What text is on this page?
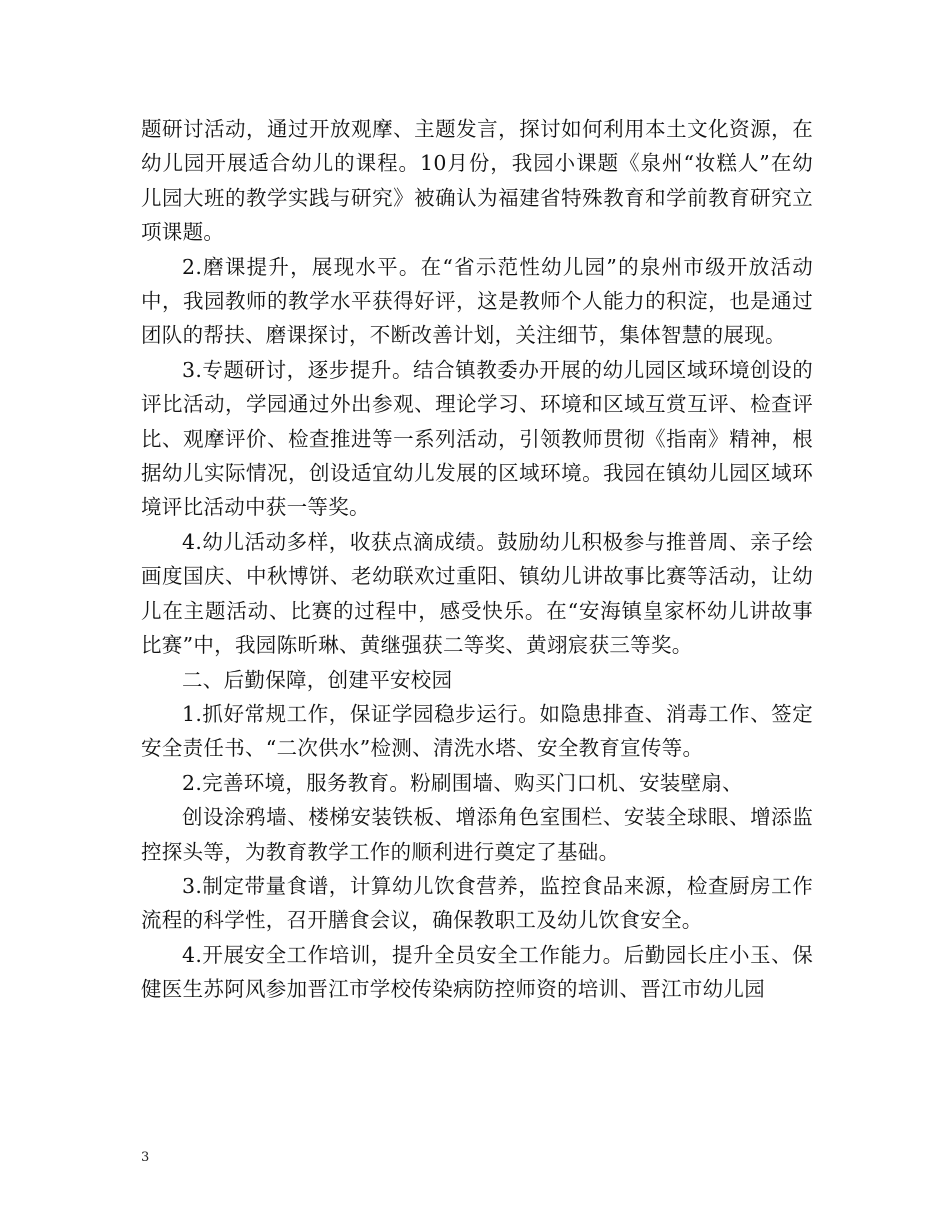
题研讨活动，通过开放观摩、主题发言，探讨如何利用本土文化资源，在幼儿园开展适合幼儿的课程。10月份，我园小课题《泉州“妆糕人”在幼儿园大班的教学实践与研究》被确认为福建省特殊教育和学前教育研究立项课题。

2.磨课提升，展现水平。在“省示范性幼儿园”的泉州市级开放活动中，我园教师的教学水平获得好评，这是教师个人能力的积淀，也是通过团队的帮扶、磨课探讨，不断改善计划，关注细节，集体智慧的展现。

3.专题研讨，逐步提升。结合镇教委办开展的幼儿园区域环境创设的评比活动，学园通过外出参观、理论学习、环境和区域互赏互评、检查评比、观摩评价、检查推进等一系列活动，引领教师贯彻《指南》精神，根据幼儿实际情况，创设适宜幼儿发展的区域环境。我园在镇幼儿园区域环境评比活动中获一等奖。

4.幼儿活动多样，收获点滴成绩。鼓励幼儿积极参与推普周、亲子绘画度国庆、中秋博饼、老幼联欢过重阳、镇幼儿讲故事比赛等活动，让幼儿在主题活动、比赛的过程中，感受快乐。在“安海镇皇家杯幼儿讲故事比赛”中，我园陈昕琳、黄继强获二等奖、黄翊宸获三等奖。

二、后勤保障，创建平安校园

1.抓好常规工作，保证学园稳步运行。如隐患排查、消毒工作、签定安全责任书、“二次供水”检测、清洗水塔、安全教育宣传等。

2.完善环境，服务教育。粉刷围墙、购买门口机、安装壁扇、

创设涂鸦墙、楼梯安装铁板、增添角色室围栏、安装全球眼、增添监控探头等，为教育教学工作的顺利进行奠定了基础。

3.制定带量食谱，计算幼儿饮食营养，监控食品来源，检查厨房工作流程的科学性，召开膳食会议，确保教职工及幼儿饮食安全。

4.开展安全工作培训，提升全员安全工作能力。后勤园长庄小玉、保健医生苏阿风参加晋江市学校传染病防控师资的培训、晋江市幼儿园

3
